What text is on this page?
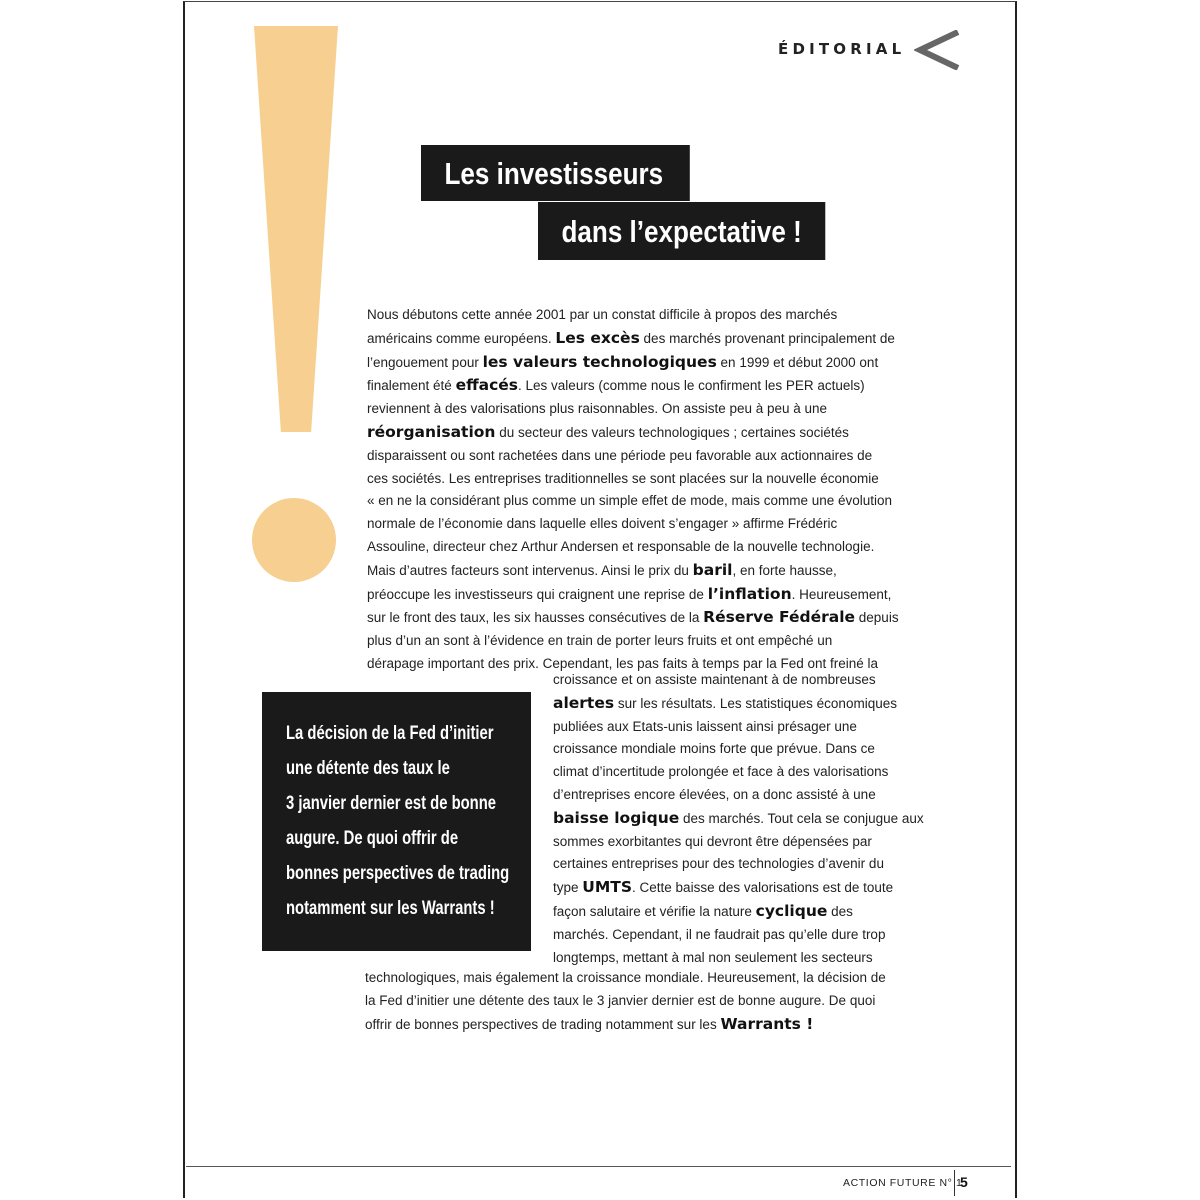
ÉDITORIAL
Les investisseurs
dans l’expectative !

Nous débutons cette année 2001 par un constat difficile à propos des marchés

américains comme européens. Les excès des marchés provenant principalement de

l’engouement pour les valeurs technologiques en 1999 et début 2000 ont

finalement été effacés. Les valeurs (comme nous le confirment les PER actuels)

reviennent à des valorisations plus raisonnables. On assiste peu à peu à une

réorganisation du secteur des valeurs technologiques ; certaines sociétés

disparaissent ou sont rachetées dans une période peu favorable aux actionnaires de

ces sociétés. Les entreprises traditionnelles se sont placées sur la nouvelle économie

« en ne la considérant plus comme un simple effet de mode, mais comme une évolution

normale de l’économie dans laquelle elles doivent s’engager » affirme Frédéric

Assouline, directeur chez Arthur Andersen et responsable de la nouvelle technologie.

Mais d’autres facteurs sont intervenus. Ainsi le prix du baril, en forte hausse,

préoccupe les investisseurs qui craignent une reprise de l’inflation. Heureusement,

sur le front des taux, les six hausses consécutives de la Réserve Fédérale depuis

plus d’un an sont à l’évidence en train de porter leurs fruits et ont empêché un

dérapage important des prix. Cependant, les pas faits à temps par la Fed ont freiné la

croissance et on assiste maintenant à de nombreuses

alertes sur les résultats. Les statistiques économiques

publiées aux Etats-unis laissent ainsi présager une

croissance mondiale moins forte que prévue. Dans ce

climat d’incertitude prolongée et face à des valorisations

d’entreprises encore élevées, on a donc assisté à une

baisse logique des marchés. Tout cela se conjugue aux

sommes exorbitantes qui devront être dépensées par

certaines entreprises pour des technologies d’avenir du

type UMTS. Cette baisse des valorisations est de toute

façon salutaire et vérifie la nature cyclique des

marchés. Cependant, il ne faudrait pas qu’elle dure trop

longtemps, mettant à mal non seulement les secteurs

technologiques, mais également la croissance mondiale. Heureusement, la décision de

la Fed d’initier une détente des taux le 3 janvier dernier est de bonne augure. De quoi

offrir de bonnes perspectives de trading notamment sur les Warrants !

La décision de la Fed d’initier

une détente des taux le

3 janvier dernier est de bonne

augure. De quoi offrir de

bonnes perspectives de trading

notamment sur les Warrants !

ACTION FUTURE N° 1
5
